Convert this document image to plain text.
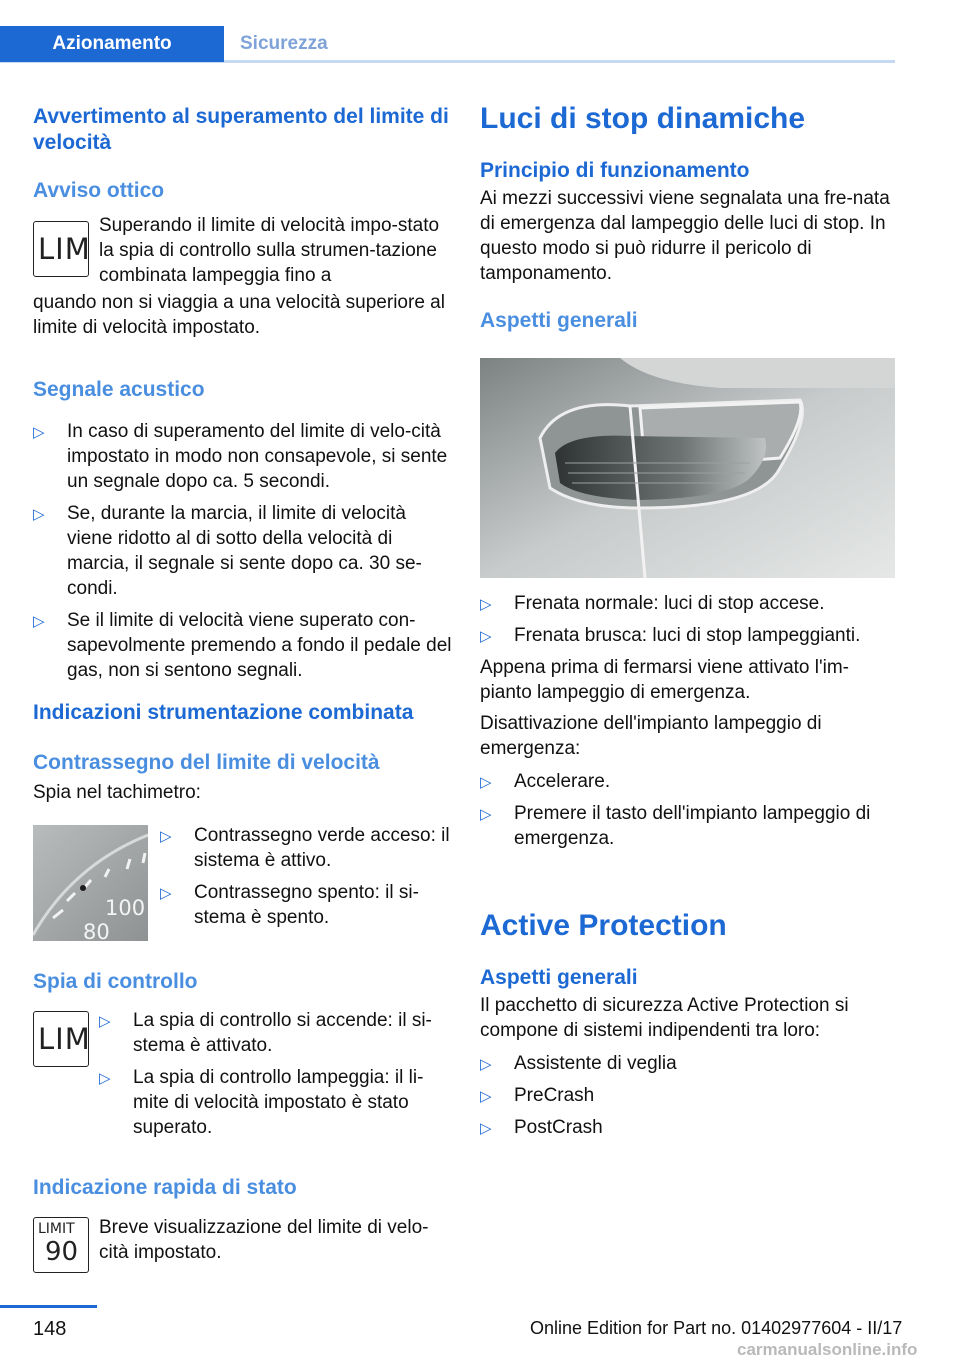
Azionamento	Sicurezza

Avvertimento al superamento del limite di velocità

Avviso ottico

LIM
Superando il limite di velocità impo-stato la spia di controllo sulla strumen-tazione combinata lampeggia fino a
quando non si viaggia a una velocità superiore al limite di velocità impostato.

Segnale acustico

▷ In caso di superamento del limite di velo-cità impostato in modo non consapevole, si sente un segnale dopo ca. 5 secondi.
▷ Se, durante la marcia, il limite di velocità viene ridotto al di sotto della velocità di marcia, il segnale si sente dopo ca. 30 se-condi.
▷ Se il limite di velocità viene superato con-sapevolmente premendo a fondo il pedale del gas, non si sentono segnali.

Indicazioni strumentazione combinata

Contrassegno del limite di velocità

Spia nel tachimetro:

100
80
▷ Contrassegno verde acceso: il sistema è attivo.
▷ Contrassegno spento: il si-stema è spento.

Spia di controllo

LIM
▷ La spia di controllo si accende: il si-stema è attivato.
▷ La spia di controllo lampeggia: il li-mite di velocità impostato è stato superato.

Indicazione rapida di stato

LIMIT
90
Breve visualizzazione del limite di velo-cità impostato.

Luci di stop dinamiche

Principio di funzionamento

Ai mezzi successivi viene segnalata una fre-nata di emergenza dal lampeggio delle luci di stop. In questo modo si può ridurre il pericolo di tamponamento.

Aspetti generali

▷ Frenata normale: luci di stop accese.
▷ Frenata brusca: luci di stop lampeggianti.

Appena prima di fermarsi viene attivato l'im-pianto lampeggio di emergenza.

Disattivazione dell'impianto lampeggio di emergenza:

▷ Accelerare.
▷ Premere il tasto dell'impianto lampeggio di emergenza.

Active Protection

Aspetti generali

Il pacchetto di sicurezza Active Protection si compone di sistemi indipendenti tra loro:

▷ Assistente di veglia
▷ PreCrash
▷ PostCrash
148	Online Edition for Part no. 01402977604 - II/17
carmanualsonline.info
